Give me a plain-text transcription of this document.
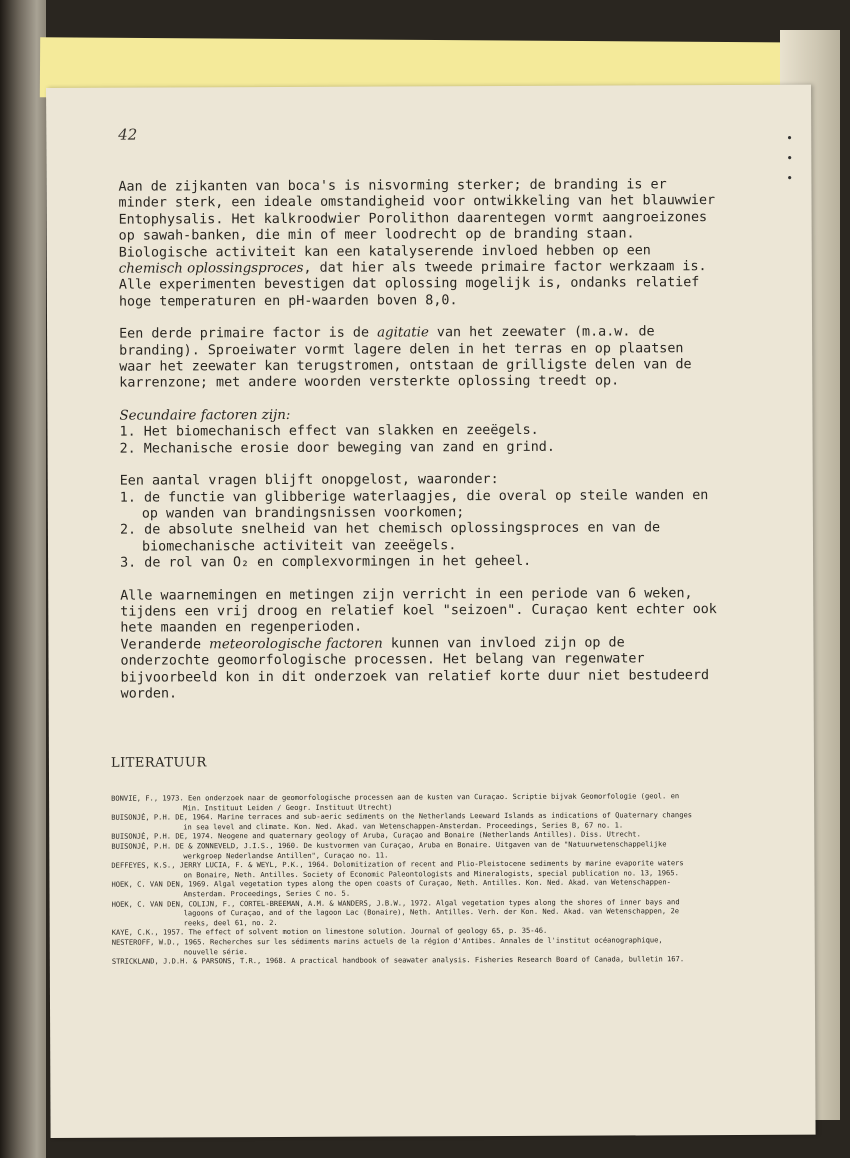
42	•
•
•

Aan de zijkanten van boca's is nisvorming sterker; de branding is er minder sterk, een ideale omstandigheid voor ontwikkeling van het blauwwier Entophysalis. Het kalkroodwier Porolithon daarentegen vormt aangroeizones op sawah-banken, die min of meer loodrecht op de branding staan.

Biologische activiteit kan een katalyserende invloed hebben op een chemisch oplossingsproces, dat hier als tweede primaire factor werkzaam is. Alle experimenten bevestigen dat oplossing mogelijk is, ondanks relatief hoge temperaturen en pH-waarden boven 8,0.

Een derde primaire factor is de agitatie van het zeewater (m.a.w. de branding). Sproeiwater vormt lagere delen in het terras en op plaatsen waar het zeewater kan terugstromen, ontstaan de grilligste delen van de karrenzone; met andere woorden versterkte oplossing treedt op.

Secundaire factoren zijn:
1. Het biomechanisch effect van slakken en zeeëgels.
2. Mechanische erosie door beweging van zand en grind.
Een aantal vragen blijft onopgelost, waaronder:
1. de functie van glibberige waterlaagjes, die overal op steile wanden en op wanden van brandingsnissen voorkomen;
2. de absolute snelheid van het chemisch oplossingsproces en van de biomechanische activiteit van zeeëgels.
3. de rol van O₂ en complexvormingen in het geheel.

Alle waarnemingen en metingen zijn verricht in een periode van 6 weken, tijdens een vrij droog en relatief koel "seizoen". Curaçao kent echter ook hete maanden en regenperioden.

Veranderde meteorologische factoren kunnen van invloed zijn op de onderzochte geomorfologische processen. Het belang van regenwater bijvoorbeeld kon in dit onderzoek van relatief korte duur niet bestudeerd worden.

LITERATUUR
BONVIE, F., 1973. Een onderzoek naar de geomorfologische processen aan de kusten van Curaçao. Scriptie bijvak Geomorfologie (geol. en Min. Instituut Leiden / Geogr. Instituut Utrecht)
BUISONJÉ, P.H. DE, 1964. Marine terraces and sub-aeric sediments on the Netherlands Leeward Islands as indications of Quaternary changes in sea level and climate. Kon. Ned. Akad. van Wetenschappen-Amsterdam. Proceedings, Series B, 67 no. 1.
BUISONJÉ, P.H. DE, 1974. Neogene and quaternary geology of Aruba, Curaçao and Bonaire (Netherlands Antilles). Diss. Utrecht.
BUISONJÉ, P.H. DE & ZONNEVELD, J.I.S., 1960. De kustvormen van Curaçao, Aruba en Bonaire. Uitgaven van de "Natuurwetenschappelijke werkgroep Nederlandse Antillen", Curaçao no. 11.
DEFFEYES, K.S., JERRY LUCIA, F. & WEYL, P.K., 1964. Dolomitization of recent and Plio-Pleistocene sediments by marine evaporite waters on Bonaire, Neth. Antilles. Society of Economic Paleontologists and Mineralogists, special publication no. 13, 1965.
HOEK, C. VAN DEN, 1969. Algal vegetation types along the open coasts of Curaçao, Neth. Antilles. Kon. Ned. Akad. van Wetenschappen-Amsterdam. Proceedings, Series C no. 5.
HOEK, C. VAN DEN, COLIJN, F., CORTEL-BREEMAN, A.M. & WANDERS, J.B.W., 1972. Algal vegetation types along the shores of inner bays and lagoons of Curaçao, and of the lagoon Lac (Bonaire), Neth. Antilles. Verh. der Kon. Ned. Akad. van Wetenschappen, 2e reeks, deel 61, no. 2.
KAYE, C.K., 1957. The effect of solvent motion on limestone solution. Journal of geology 65, p. 35-46.
NESTEROFF, W.D., 1965. Recherches sur les sédiments marins actuels de la région d'Antibes. Annales de l'institut océanographique, nouvelle série.
STRICKLAND, J.D.H. & PARSONS, T.R., 1968. A practical handbook of seawater analysis. Fisheries Research Board of Canada, bulletin 167.
